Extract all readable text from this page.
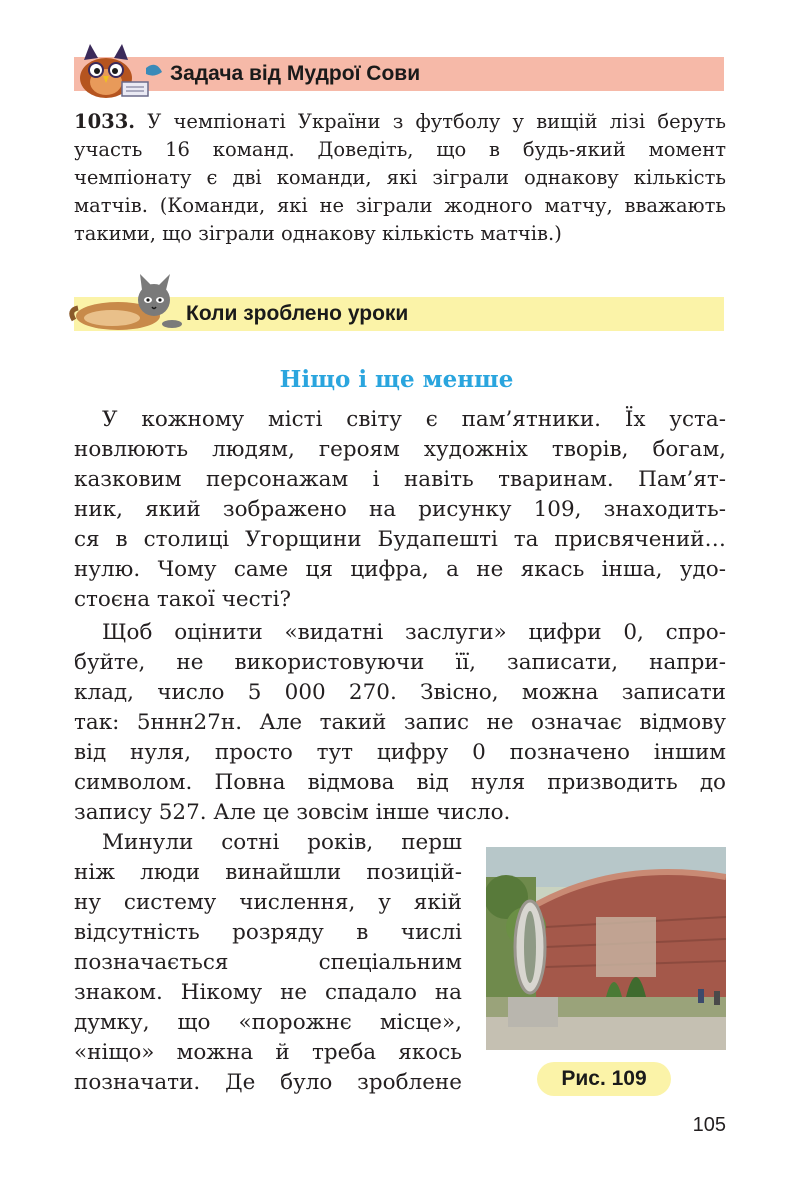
Задача від Мудрої Сови

1033. У чемпіонаті України з футболу у вищій лізі беруть участь 16 команд. Доведіть, що в будь-який момент чемпіонату є дві команди, які зіграли однакову кількість матчів. (Команди, які не зіграли жодного матчу, вважають такими, що зіграли однакову кількість матчів.)

Коли зроблено уроки
Ніщо і ще менше
У кожному місті світу є пам’ятники. Їх уста-
новлюють людям, героям художніх творів, богам,
казковим персонажам і навіть тваринам. Пам’ят-
ник, який зображено на рисунку 109, знаходить-
ся в столиці Угорщини Будапешті та присвячений…
нулю. Чому саме ця цифра, а не якась інша, удо-
стоєна такої честі?
Щоб оцінити «видатні заслуги» цифри 0, спро-
буйте, не використовуючи її, записати, напри-
клад, число 5 000 270. Звісно, можна записати
так: 5ннн27н. Але такий запис не означає відмову
від нуля, просто тут цифру 0 позначено іншим
символом. Повна відмова від нуля призводить до
запису 527. Але це зовсім інше число.
Минули сотні років, перш
ніж люди винайшли позицій-
ну систему числення, у якій
відсутність розряду в числі
позначається спеціальним
знаком. Нікому не спадало на
думку, що «порожнє місце»,
«ніщо» можна й треба якось
позначати. Де було зроблене	Рис. 109
105
